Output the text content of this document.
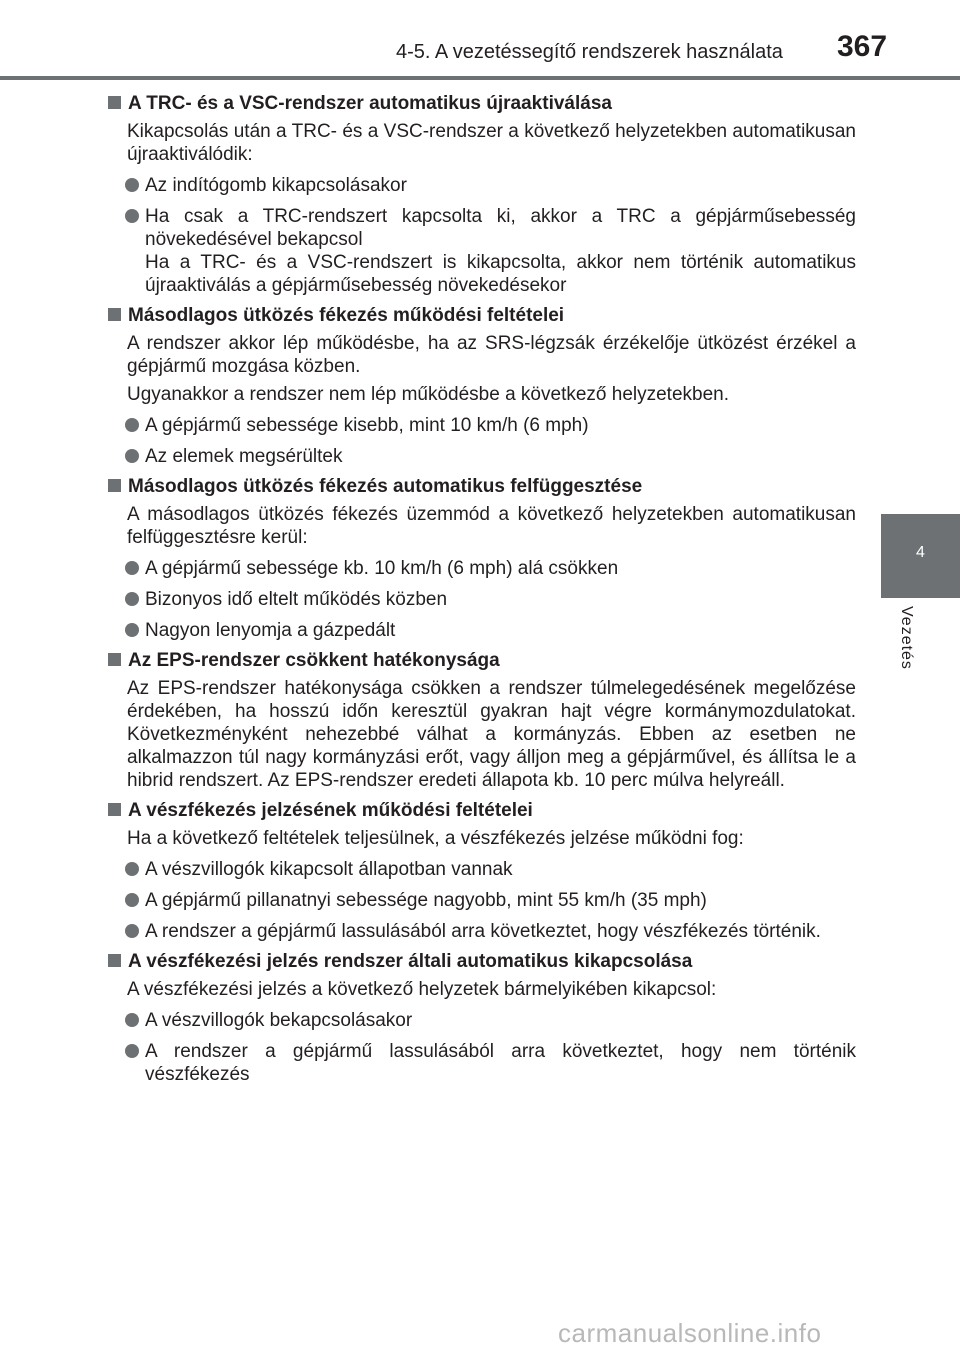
4-5. A vezetéssegítő rendszerek használata 367
4
Vezetés
A TRC- és a VSC-rendszer automatikus újraaktiválása
Kikapcsolás után a TRC- és a VSC-rendszer a következő helyzetekben automatikusan újraaktiválódik:
Az indítógomb kikapcsolásakor
Ha csak a TRC-rendszert kapcsolta ki, akkor a TRC a gépjárműsebesség növekedésével bekapcsol
Ha a TRC- és a VSC-rendszert is kikapcsolta, akkor nem történik automatikus újraaktiválás a gépjárműsebesség növekedésekor
Másodlagos ütközés fékezés működési feltételei
A rendszer akkor lép működésbe, ha az SRS-légzsák érzékelője ütközést érzékel a gépjármű mozgása közben.
Ugyanakkor a rendszer nem lép működésbe a következő helyzetekben.
A gépjármű sebessége kisebb, mint 10 km/h (6 mph)
Az elemek megsérültek
Másodlagos ütközés fékezés automatikus felfüggesztése
A másodlagos ütközés fékezés üzemmód a következő helyzetekben automatikusan felfüggesztésre kerül:
A gépjármű sebessége kb. 10 km/h (6 mph) alá csökken
Bizonyos idő eltelt működés közben
Nagyon lenyomja a gázpedált
Az EPS-rendszer csökkent hatékonysága
Az EPS-rendszer hatékonysága csökken a rendszer túlmelegedésének megelőzése érdekében, ha hosszú időn keresztül gyakran hajt végre kormánymozdulatokat. Következményként nehezebbé válhat a kormányzás. Ebben az esetben ne alkalmazzon túl nagy kormányzási erőt, vagy álljon meg a gépjárművel, és állítsa le a hibrid rendszert. Az EPS-rendszer eredeti állapota kb. 10 perc múlva helyreáll.
A vészfékezés jelzésének működési feltételei
Ha a következő feltételek teljesülnek, a vészfékezés jelzése működni fog:
A vészvillogók kikapcsolt állapotban vannak
A gépjármű pillanatnyi sebessége nagyobb, mint 55 km/h (35 mph)
A rendszer a gépjármű lassulásából arra következtet, hogy vészfékezés történik.
A vészfékezési jelzés rendszer általi automatikus kikapcsolása
A vészfékezési jelzés a következő helyzetek bármelyikében kikapcsol:
A vészvillogók bekapcsolásakor
A rendszer a gépjármű lassulásából arra következtet, hogy nem történik vészfékezés
carmanualsonline.info
